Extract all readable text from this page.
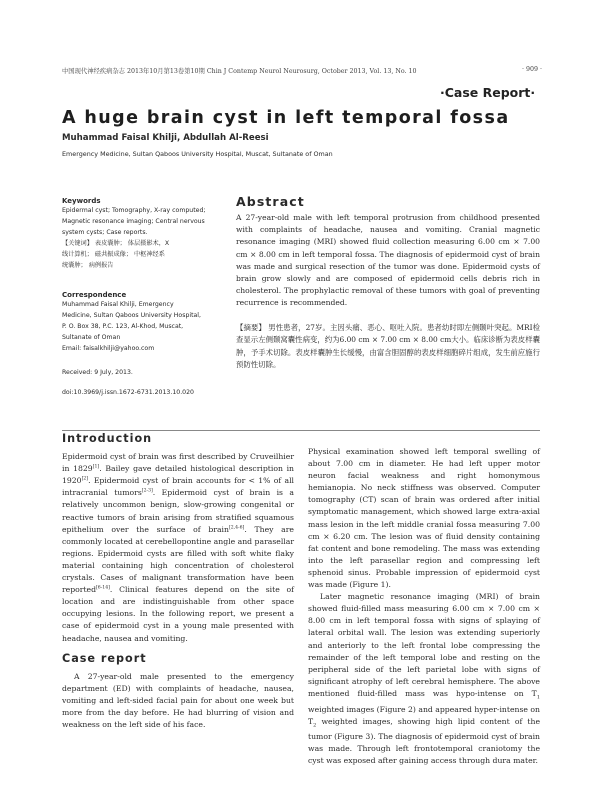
中国现代神经疾病杂志 2013年10月第13卷第10期 Chin J Contemp Neurol Neurosurg, October 2013, Vol. 13, No. 10	· 909 ·
·Case Report·
A huge brain cyst in left temporal fossa
Muhammad Faisal Khilji, Abdullah Al-Reesi
Emergency Medicine, Sultan Qaboos University Hospital, Muscat, Sultanate of Oman
Keywords

Epidermal cyst; Tomography, X-ray computed;

Magnetic resonance imaging; Central nervous

system cysts; Case reports.

【关键词】 表皮囊肿； 体层摄影术，X

线计算机； 磁共振成像； 中枢神经系

统囊肿； 病例报告

Correspondence

Muhammad Faisal Khilji, Emergency

Medicine, Sultan Qaboos University Hospital,

P. O. Box 38, P.C. 123, Al-Khod, Muscat,

Sultanate of Oman

Email: faisalkhilji@yahoo.com

Received: 9 July, 2013.
doi:10.3969/j.issn.1672-6731.2013.10.020
Abstract
A 27-year-old male with left temporal protrusion from childhood presented with complaints of headache, nausea and vomiting. Cranial magnetic resonance imaging (MRI) showed fluid collection measuring 6.00 cm × 7.00 cm × 8.00 cm in left temporal fossa. The diagnosis of epidermoid cyst of brain was made and surgical resection of the tumor was done. Epidermoid cysts of brain grow slowly and are composed of epidermoid cells debris rich in cholesterol. The prophylactic removal of these tumors with goal of preventing recurrence is recommended.
【摘要】 男性患者，27岁。主因头痛、恶心、呕吐入院。患者幼时即左侧颞叶突起。MRI检查显示左侧颞窝囊性病变，约为6.00 cm × 7.00 cm × 8.00 cm大小。临床诊断为表皮样囊肿，予手术切除。表皮样囊肿生长缓慢，由富含胆固醇的表皮样细胞碎片组成，发生前应施行预防性切除。
Introduction

Epidermoid cyst of brain was first described by Cruveilhier in 1829[1]. Bailey gave detailed histological description in 1920[2]. Epidermoid cyst of brain accounts for < 1% of all intracranial tumors[2-3]. Epidermoid cyst of brain is a relatively uncommon benign, slow-growing congenital or reactive tumors of brain arising from stratified squamous epithelium over the surface of brain[2,4-6]. They are commonly located at cerebellopontine angle and parasellar regions. Epidermoid cysts are filled with soft white flaky material containing high concentration of cholesterol crystals. Cases of malignant transformation have been reported[6-14]. Clinical features depend on the site of location and are indistinguishable from other space occupying lesions. In the following report, we present a case of epidermoid cyst in a young male presented with headache, nausea and vomiting.

Case report

A 27-year-old male presented to the emergency department (ED) with complaints of headache, nausea, vomiting and left-sided facial pain for about one week but more from the day before. He had blurring of vision and weakness on the left side of his face.

Physical examination showed left temporal swelling of about 7.00 cm in diameter. He had left upper motor neuron facial weakness and right homonymous hemianopia. No neck stiffness was observed. Computer tomography (CT) scan of brain was ordered after initial symptomatic management, which showed large extra-axial mass lesion in the left middle cranial fossa measuring 7.00 cm × 6.20 cm. The lesion was of fluid density containing fat content and bone remodeling. The mass was extending into the left parasellar region and compressing left sphenoid sinus. Probable impression of epidermoid cyst was made (Figure 1).

Later magnetic resonance imaging (MRI) of brain showed fluid-filled mass measuring 6.00 cm × 7.00 cm × 8.00 cm in left temporal fossa with signs of splaying of lateral orbital wall. The lesion was extending superiorly and anteriorly to the left frontal lobe compressing the remainder of the left temporal lobe and resting on the peripheral side of the left parietal lobe with signs of significant atrophy of left cerebral hemisphere. The above mentioned fluid-filled mass was hypo-intense on $T_1$ weighted images (Figure 2) and appeared hyper-intense on $T_2$ weighted images, showing high lipid content of the tumor (Figure 3). The diagnosis of epidermoid cyst of brain was made. Through left frontotemporal craniotomy the cyst was exposed after gaining access through dura mater.
